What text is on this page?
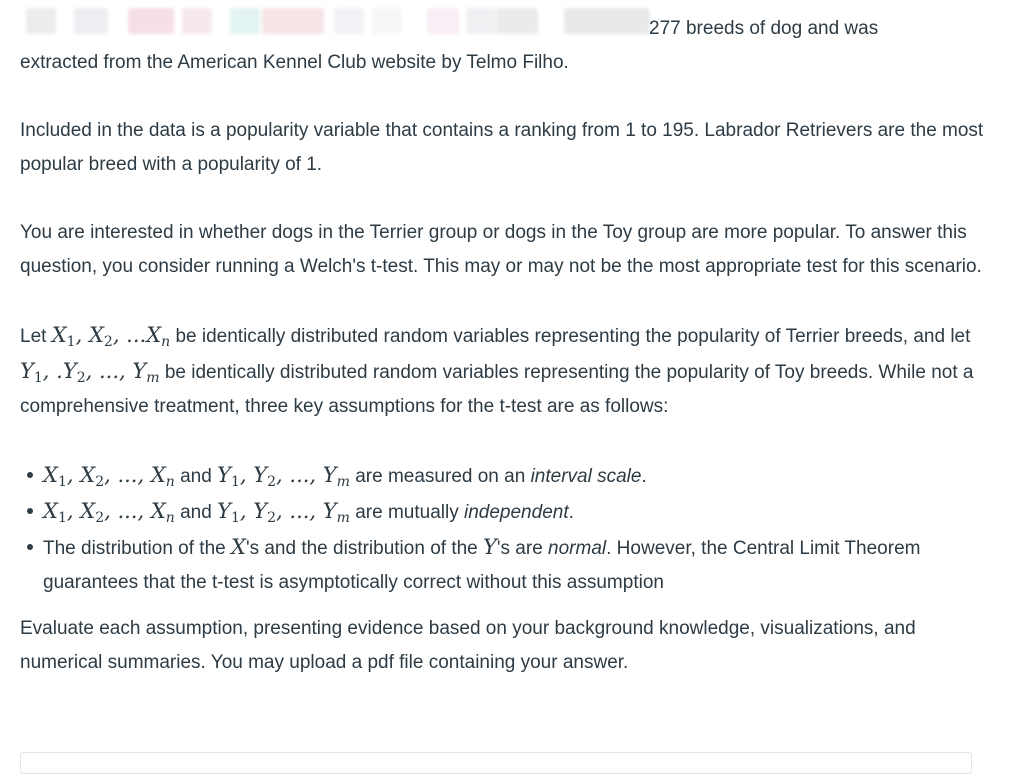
277 breeds of dog and was
extracted from the American Kennel Club website by Telmo Filho.

Included in the data is a popularity variable that contains a ranking from 1 to 195. Labrador Retrievers are the most popular breed with a popularity of 1.

You are interested in whether dogs in the Terrier group or dogs in the Toy group are more popular. To answer this question, you consider running a Welch's t-test. This may or may not be the most appropriate test for this scenario.

Let $X_1$, $X_2$, $...X_n$ be identically distributed random variables representing the popularity of Terrier breeds, and let $Y_1$, $.Y_2$, ..., $Y_m$ be identically distributed random variables representing the popularity of Toy breeds. While not a comprehensive treatment, three key assumptions for the t-test are as follows:

$X_1$, $X_2$, ..., $X_n$ and $Y_1$, $Y_2$, ..., $Y_m$ are measured on an interval scale.
$X_1$, $X_2$, ..., $X_n$ and $Y_1$, $Y_2$, ..., $Y_m$ are mutually independent.
The distribution of the X's and the distribution of the Y's are normal. However, the Central Limit Theorem guarantees that the t-test is asymptotically correct without this assumption

Evaluate each assumption, presenting evidence based on your background knowledge, visualizations, and numerical summaries. You may upload a pdf file containing your answer.
